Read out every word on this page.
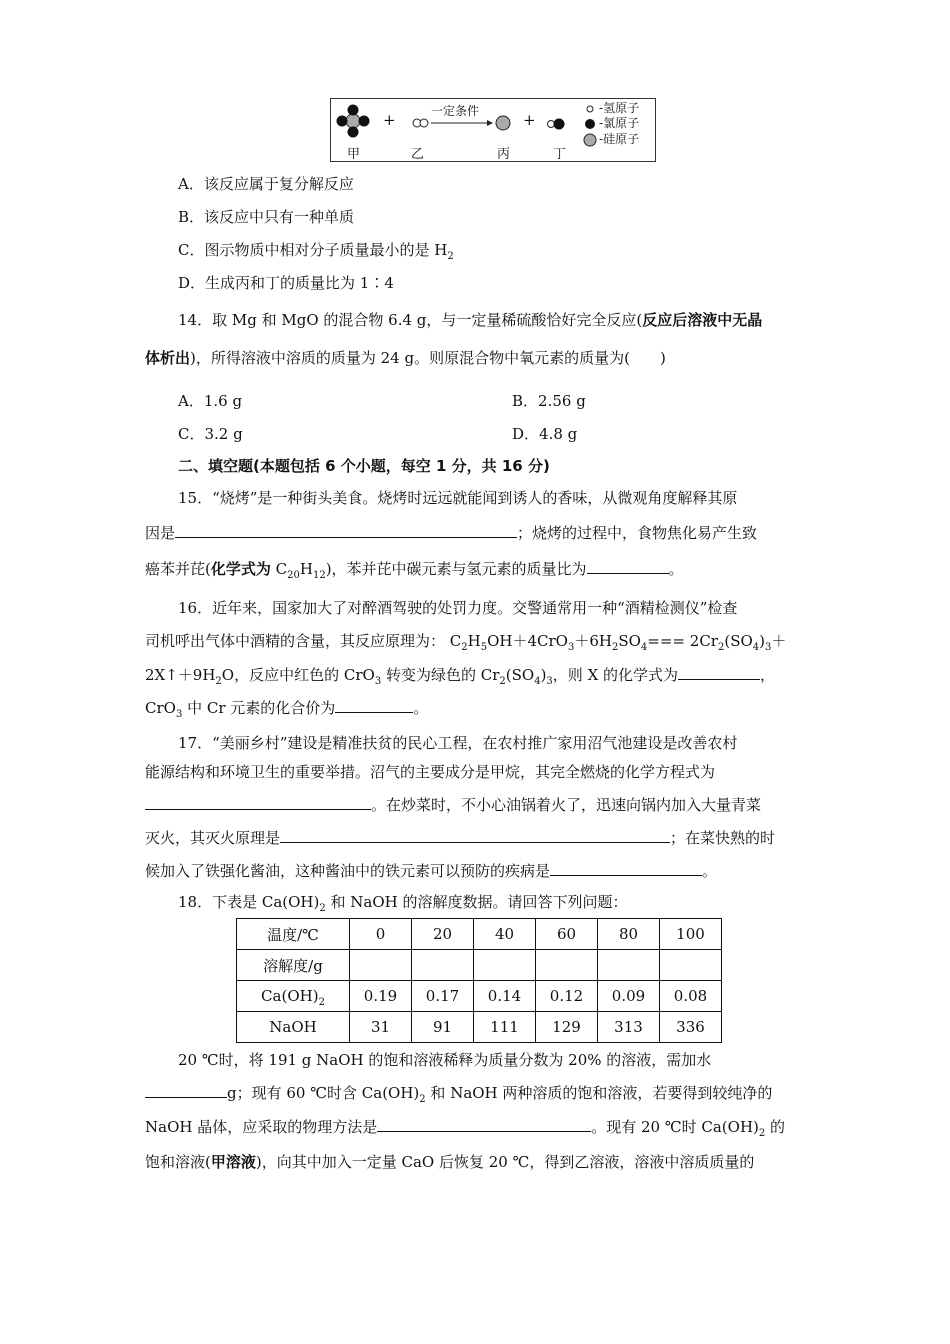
+	+
一定条件
甲	乙	丙	丁
-氢原子
-氯原子
-硅原子
A．该反应属于复分解反应
B．该反应中只有一种单质
C．图示物质中相对分子质量最小的是 $H_2$
D．生成丙和丁的质量比为 1∶4
14．取 Mg 和 MgO 的混合物 6.4 g，与一定量稀硫酸恰好完全反应(反应后溶液中无晶
体析出)，所得溶液中溶质的质量为 24 g。则原混合物中氧元素的质量为(　　)
A．1.6 g	B．2.56 g
C．3.2 g	D．4.8 g
二、填空题(本题包括 6 个小题，每空 1 分，共 16 分)
15．“烧烤”是一种街头美食。烧烤时远远就能闻到诱人的香味，从微观角度解释其原
因是	；烧烤的过程中，食物焦化易产生致
癌苯并芘(化学式为 $C_{20}H_{12}$)，苯并芘中碳元素与氢元素的质量比为	。
16．近年来，国家加大了对醉酒驾驶的处罚力度。交警通常用一种“酒精检测仪”检查
司机呼出气体中酒精的含量，其反应原理为： $C_2H_5OH+4CrO_3+6H_2SO_4=== 2Cr_2(SO_4)_3+$
$2X↑+9H_2O$，反应中红色的 CrO$_3$ 转变为绿色的 $Cr_2(SO_4)_3$，则 X 的化学式为	，
CrO$_3$ 中 Cr 元素的化合价为	。
17．“美丽乡村”建设是精准扶贫的民心工程，在农村推广家用沼气池建设是改善农村
能源结构和环境卫生的重要举措。沼气的主要成分是甲烷，其完全燃烧的化学方程式为
。在炒菜时，不小心油锅着火了，迅速向锅内加入大量青菜
灭火，其灭火原理是	；在菜快熟的时
候加入了铁强化酱油，这种酱油中的铁元素可以预防的疾病是	。
18．下表是 $Ca(OH)_2$ 和 NaOH 的溶解度数据。请回答下列问题：
温度/℃	0	20	40	60	80	100
溶解度/g						
$Ca(OH)_2$	0.19	0.17	0.14	0.12	0.09	0.08
NaOH	31	91	111	129	313	336
20 ℃时，将 191 g NaOH 的饱和溶液稀释为质量分数为 20% 的溶液，需加水
g；现有 60 ℃时含 $Ca(OH)_2$ 和 NaOH 两种溶质的饱和溶液，若要得到较纯净的
NaOH 晶体，应采取的物理方法是	。现有 20 ℃时 $Ca(OH)_2$ 的
饱和溶液(甲溶液)，向其中加入一定量 CaO 后恢复 20 ℃，得到乙溶液，溶液中溶质质量的
